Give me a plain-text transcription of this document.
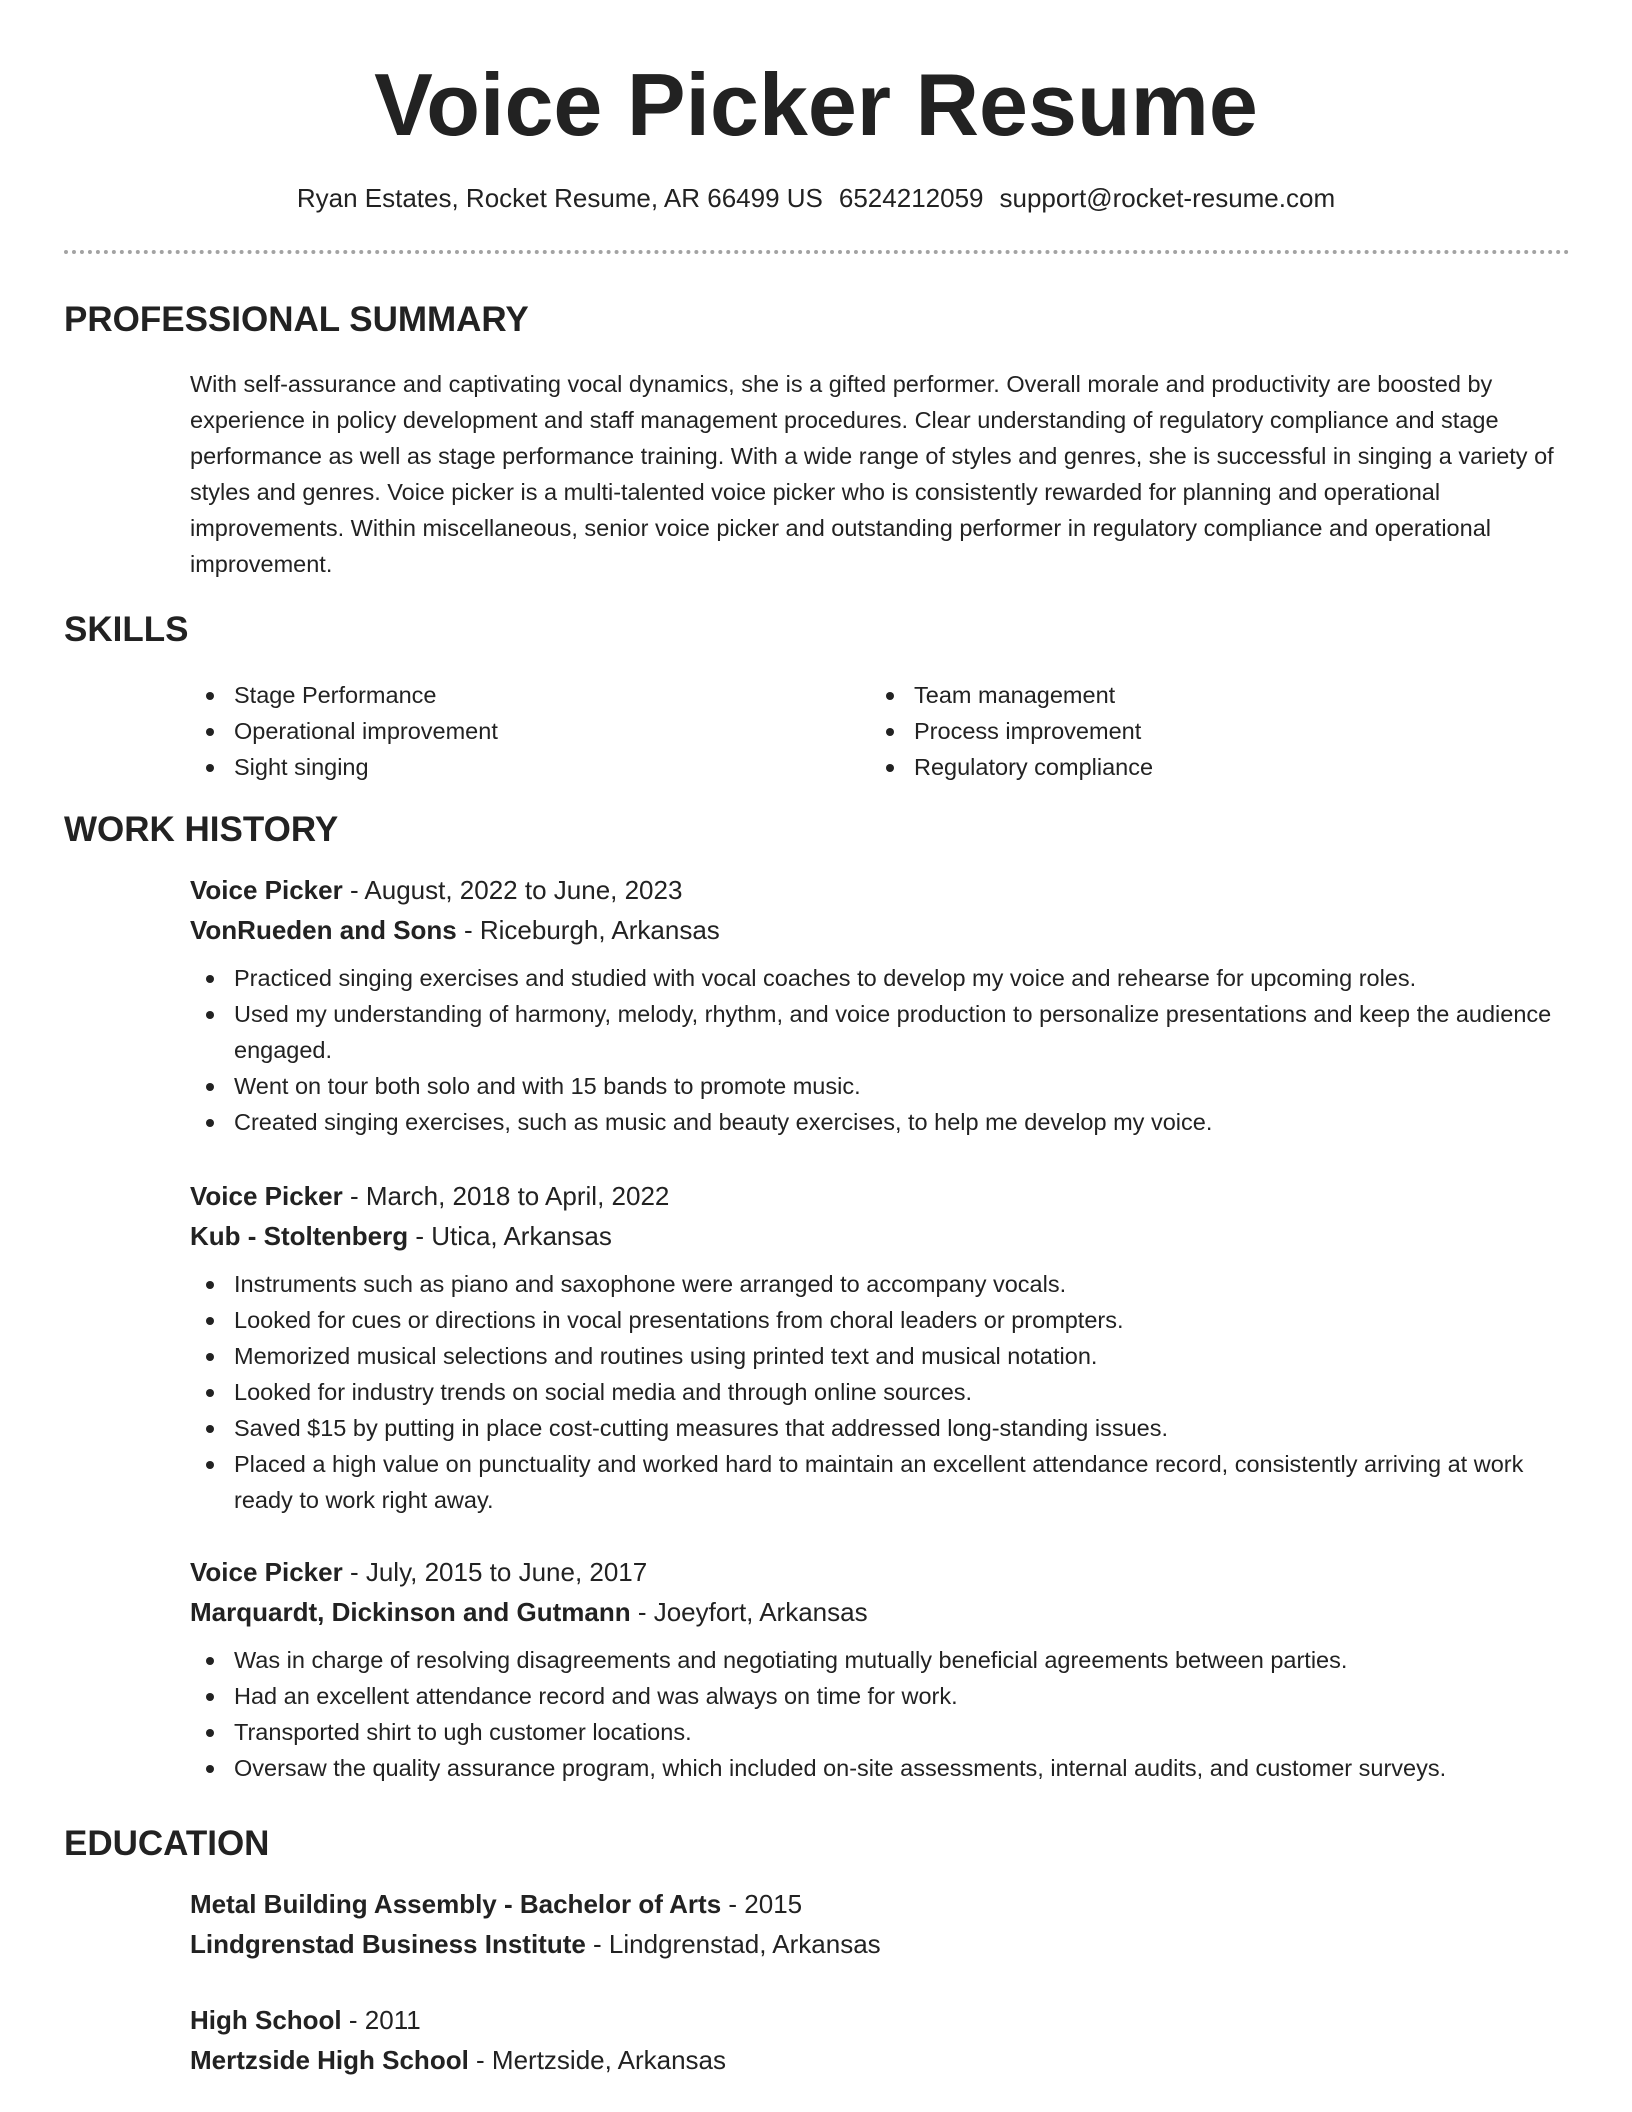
Voice Picker Resume
Ryan Estates, Rocket Resume, AR 66499 US 6524212059 support@rocket-resume.com
PROFESSIONAL SUMMARY

With self-assurance and captivating vocal dynamics, she is a gifted performer. Overall morale and productivity are boosted by experience in policy development and staff management procedures. Clear understanding of regulatory compliance and stage performance as well as stage performance training. With a wide range of styles and genres, she is successful in singing a variety of styles and genres. Voice picker is a multi-talented voice picker who is consistently rewarded for planning and operational improvements. Within miscellaneous, senior voice picker and outstanding performer in regulatory compliance and operational improvement.

SKILLS
Stage Performance
Operational improvement
Sight singing
Team management
Process improvement
Regulatory compliance
WORK HISTORY
Voice Picker - August, 2022 to June, 2023
VonRueden and Sons - Riceburgh, Arkansas
Practiced singing exercises and studied with vocal coaches to develop my voice and rehearse for upcoming roles.
Used my understanding of harmony, melody, rhythm, and voice production to personalize presentations and keep the audience engaged.
Went on tour both solo and with 15 bands to promote music.
Created singing exercises, such as music and beauty exercises, to help me develop my voice.
Voice Picker - March, 2018 to April, 2022
Kub - Stoltenberg - Utica, Arkansas
Instruments such as piano and saxophone were arranged to accompany vocals.
Looked for cues or directions in vocal presentations from choral leaders or prompters.
Memorized musical selections and routines using printed text and musical notation.
Looked for industry trends on social media and through online sources.
Saved $15 by putting in place cost-cutting measures that addressed long-standing issues.
Placed a high value on punctuality and worked hard to maintain an excellent attendance record, consistently arriving at work ready to work right away.
Voice Picker - July, 2015 to June, 2017
Marquardt, Dickinson and Gutmann - Joeyfort, Arkansas
Was in charge of resolving disagreements and negotiating mutually beneficial agreements between parties.
Had an excellent attendance record and was always on time for work.
Transported shirt to ugh customer locations.
Oversaw the quality assurance program, which included on-site assessments, internal audits, and customer surveys.
EDUCATION
Metal Building Assembly - Bachelor of Arts - 2015
Lindgrenstad Business Institute - Lindgrenstad, Arkansas
High School - 2011
Mertzside High School - Mertzside, Arkansas
